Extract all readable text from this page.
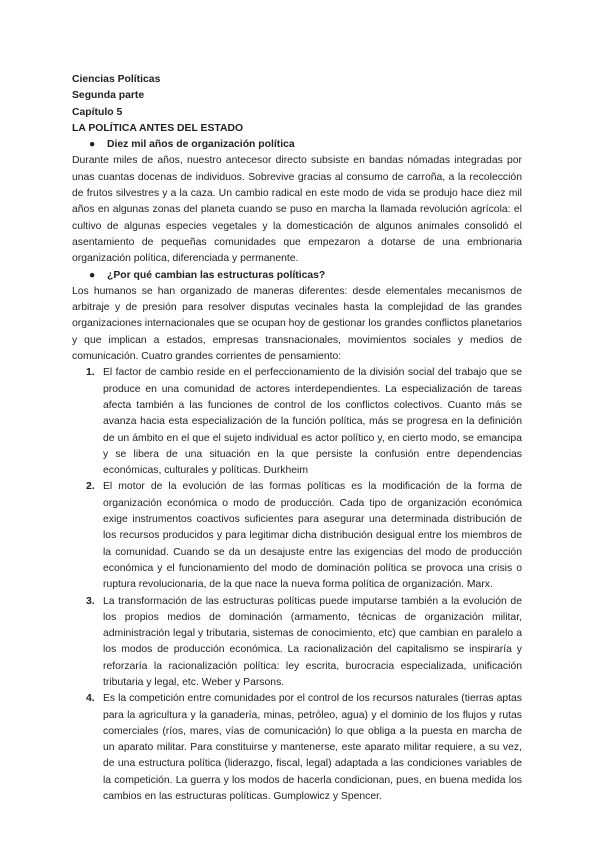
Ciencias Políticas
Segunda parte
Capítulo 5
LA POLÍTICA ANTES DEL ESTADO
●	Diez mil años de organización política

Durante miles de años, nuestro antecesor directo subsiste en bandas nómadas integradas por unas cuantas docenas de individuos. Sobrevive gracias al consumo de carroña, a la recolección de frutos silvestres y a la caza. Un cambio radical en este modo de vida se produjo hace diez mil años en algunas zonas del planeta cuando se puso en marcha la llamada revolución agrícola: el cultivo de algunas especies vegetales y la domesticación de algunos animales consolidó el asentamiento de pequeñas comunidades que empezaron a dotarse de una embrionaria organización política, diferenciada y permanente.

●	¿Por qué cambian las estructuras políticas?

Los humanos se han organizado de maneras diferentes: desde elementales mecanismos de arbitraje y de presión para resolver disputas vecinales hasta la complejidad de las grandes organizaciones internacionales que se ocupan hoy de gestionar los grandes conflictos planetarios y que implican a estados, empresas transnacionales, movimientos sociales y medios de comunicación. Cuatro grandes corrientes de pensamiento:

1. El factor de cambio reside en el perfeccionamiento de la división social del trabajo que se produce en una comunidad de actores interdependientes. La especialización de tareas afecta también a las funciones de control de los conflictos colectivos. Cuanto más se avanza hacia esta especialización de la función política, más se progresa en la definición de un ámbito en el que el sujeto individual es actor político y, en cierto modo, se emancipa y se libera de una situación en la que persiste la confusión entre dependencias económicas, culturales y políticas. Durkheim
2. El motor de la evolución de las formas políticas es la modificación de la forma de organización económica o modo de producción. Cada tipo de organización económica exige instrumentos coactivos suficientes para asegurar una determinada distribución de los recursos producidos y para legitimar dicha distribución desigual entre los miembros de la comunidad. Cuando se da un desajuste entre las exigencias del modo de producción económica y el funcionamiento del modo de dominación política se provoca una crisis o ruptura revolucionaria, de la que nace la nueva forma política de organización. Marx.
3. La transformación de las estructuras políticas puede imputarse también a la evolución de los propios medios de dominación (armamento, técnicas de organización militar, administración legal y tributaria, sistemas de conocimiento, etc) que cambian en paralelo a los modos de producción económica. La racionalización del capitalismo se inspiraría y reforzaría la racionalización política: ley escrita, burocracia especializada, unificación tributaria y legal, etc. Weber y Parsons.
4. Es la competición entre comunidades por el control de los recursos naturales (tierras aptas para la agricultura y la ganadería, minas, petróleo, agua) y el dominio de los flujos y rutas comerciales (ríos, mares, vías de comunicación) lo que obliga a la puesta en marcha de un aparato militar. Para constituirse y mantenerse, este aparato militar requiere, a su vez, de una estructura política (liderazgo, fiscal, legal) adaptada a las condiciones variables de la competición. La guerra y los modos de hacerla condicionan, pues, en buena medida los cambios en las estructuras políticas. Gumplowicz y Spencer.
